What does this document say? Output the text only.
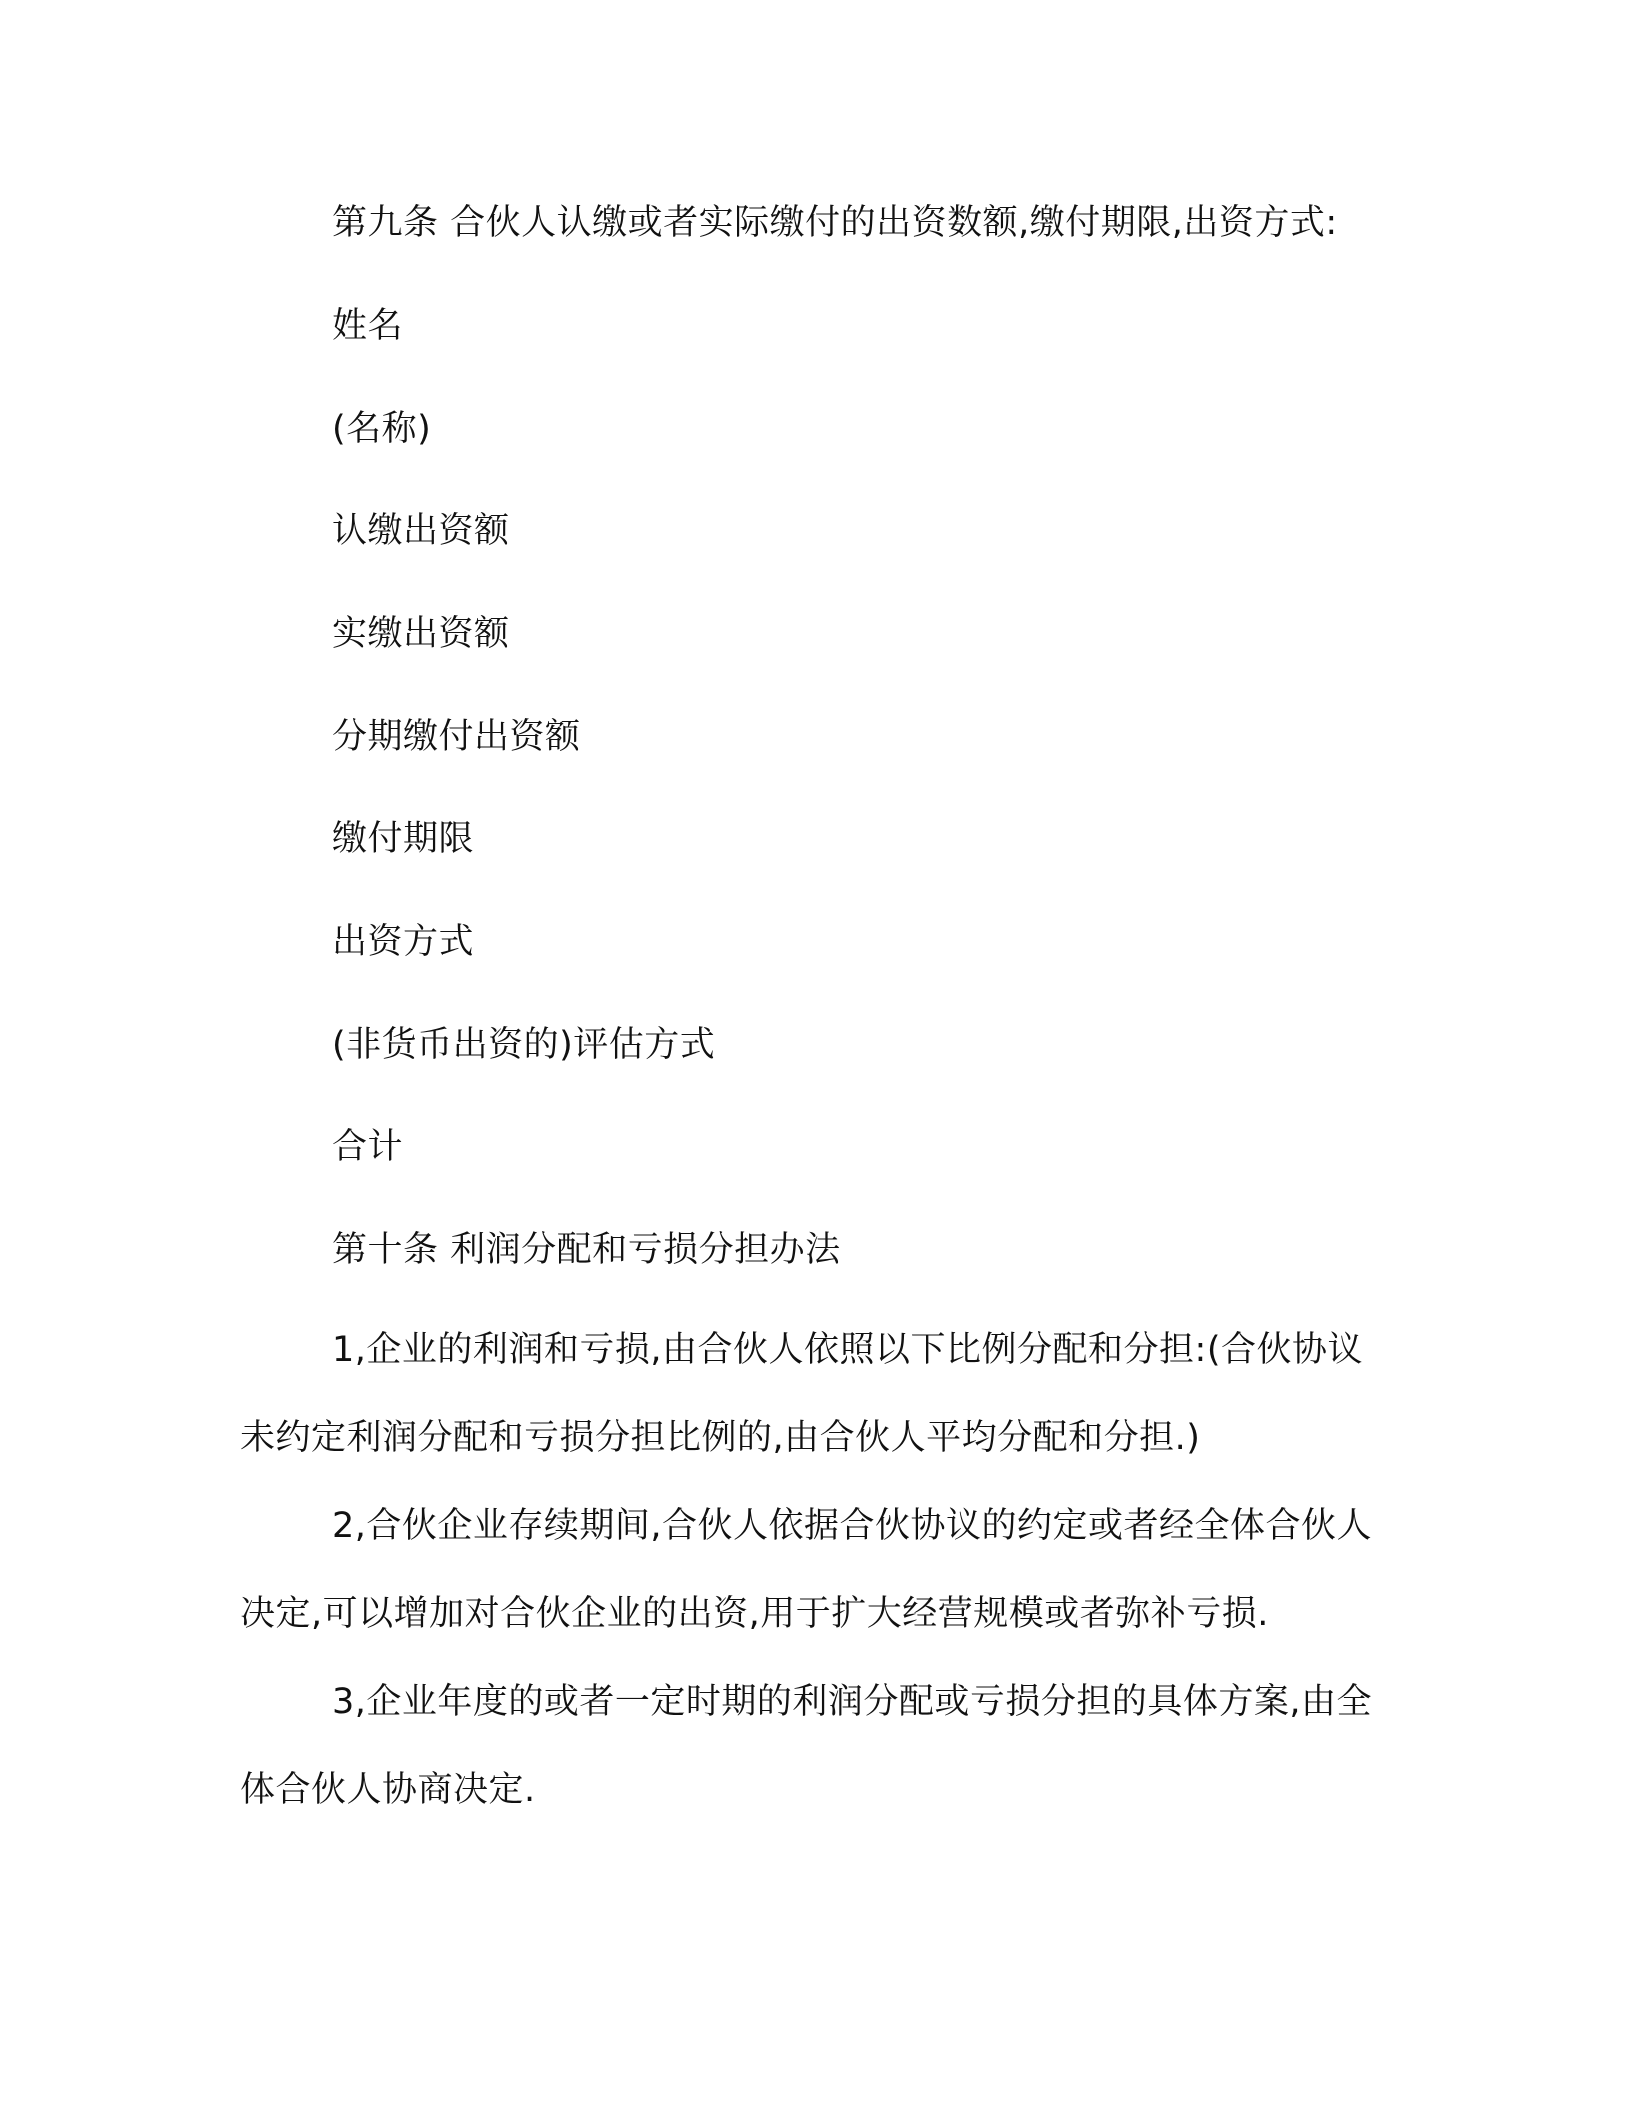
第九条 合伙人认缴或者实际缴付的出资数额,缴付期限,出资方式:
姓名
(名称)
认缴出资额
实缴出资额
分期缴付出资额
缴付期限
出资方式
(非货币出资的)评估方式
合计
第十条 利润分配和亏损分担办法
1,企业的利润和亏损,由合伙人依照以下比例分配和分担:(合伙协议未约定利润分配和亏损分担比例的,由合伙人平均分配和分担.)
2,合伙企业存续期间,合伙人依据合伙协议的约定或者经全体合伙人决定,可以增加对合伙企业的出资,用于扩大经营规模或者弥补亏损.
3,企业年度的或者一定时期的利润分配或亏损分担的具体方案,由全体合伙人协商决定.
